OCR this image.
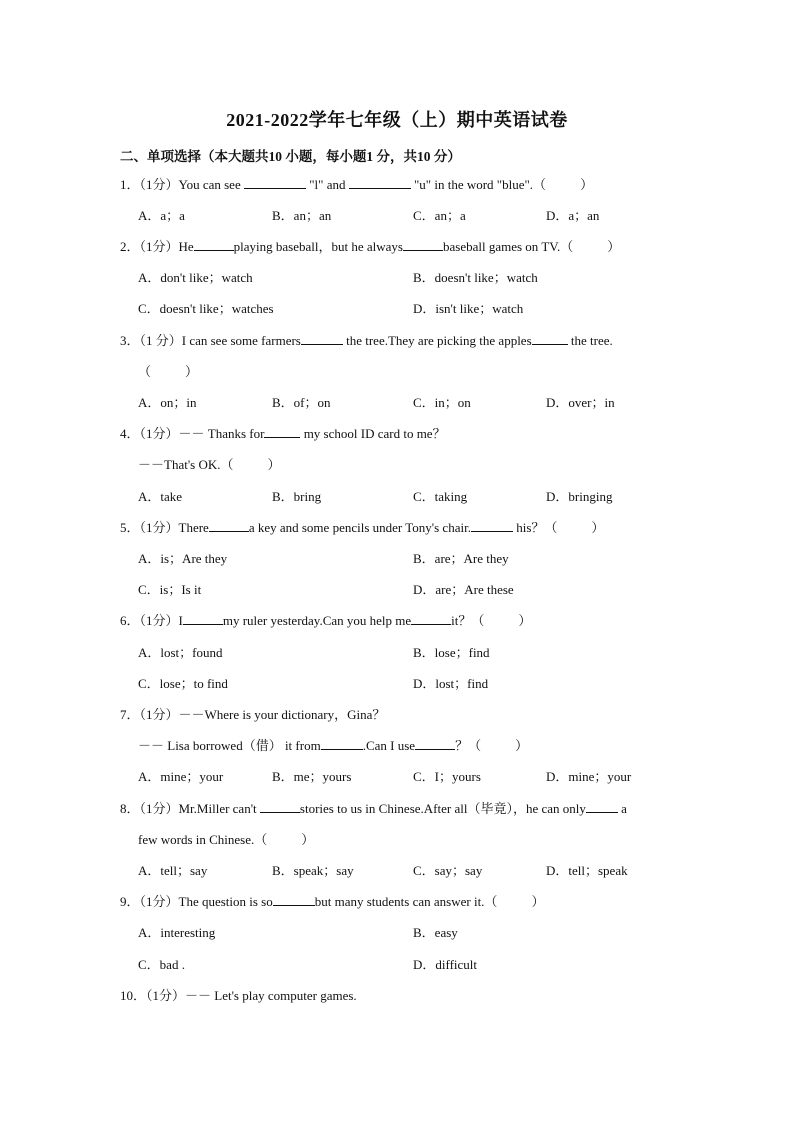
2021-2022学年七年级（上）期中英语试卷
二、单项选择（本大题共10 小题，每小题1 分，共10 分）
1．（1分）You can see	"l" and	"u" in the word "blue".（	）
A．a；a	B．an；an	C．an；a	D．a；an
2．（1分）He	playing baseball，but he always	baseball games on TV.（	）
A．don't like；watch	B．doesn't like；watch
C．doesn't like；watches	D．isn't like；watch
3．（1 分）I can see some farmers	the tree.They are picking the apples	the tree.
（	）
A．on；in	B．of；on	C．in；on	D．over；in
4．（1分）－－ Thanks for	my school ID card to me？
－－That's OK.（	）
A．take	B．bring	C．taking	D．bringing
5．（1分）There	a key and some pencils under Tony's chair.	his？（	）
A．is；Are they	B．are；Are they
C．is；Is it	D．are；Are these
6．（1分）I	my ruler yesterday.Can you help me	it？（	）
A．lost；found	B．lose；find
C．lose；to find	D．lost；find
7．（1分）－－Where is your dictionary，Gina？
－－ Lisa borrowed（借） it from	.Can I use	？（	）
A．mine；your	B．me；yours	C．I；yours	D．mine；your
8．（1分）Mr.Miller can't	stories to us in Chinese.After all（毕竟），he can only a
few words in Chinese.（	）
A．tell；say	B．speak；say	C．say；say	D．tell；speak
9．（1分）The question is so	but many students can answer it.（	）
A．interesting	B．easy
C．bad .	D．difficult
10．（1分）－－ Let's play computer games.
